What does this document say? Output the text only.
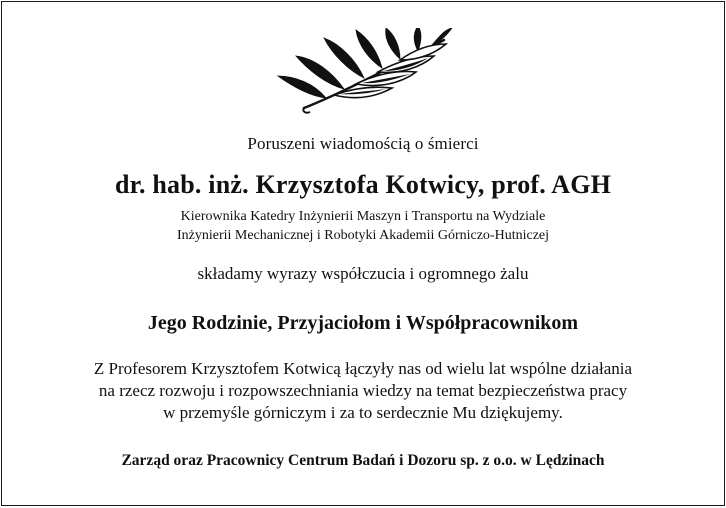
Poruszeni wiadomością o śmierci

dr. hab. inż. Krzysztofa Kotwicy, prof. AGH

Kierownika Katedry Inżynierii Maszyn i Transportu na Wydziale
Inżynierii Mechanicznej i Robotyki Akademii Górniczo-Hutniczej

składamy wyrazy współczucia i ogromnego żalu

Jego Rodzinie, Przyjaciołom i Współpracownikom

Z Profesorem Krzysztofem Kotwicą łączyły nas od wielu lat wspólne działania
na rzecz rozwoju i rozpowszechniania wiedzy na temat bezpieczeństwa pracy
w przemyśle górniczym i za to serdecznie Mu dziękujemy.

Zarząd oraz Pracownicy Centrum Badań i Dozoru sp. z o.o. w Lędzinach
